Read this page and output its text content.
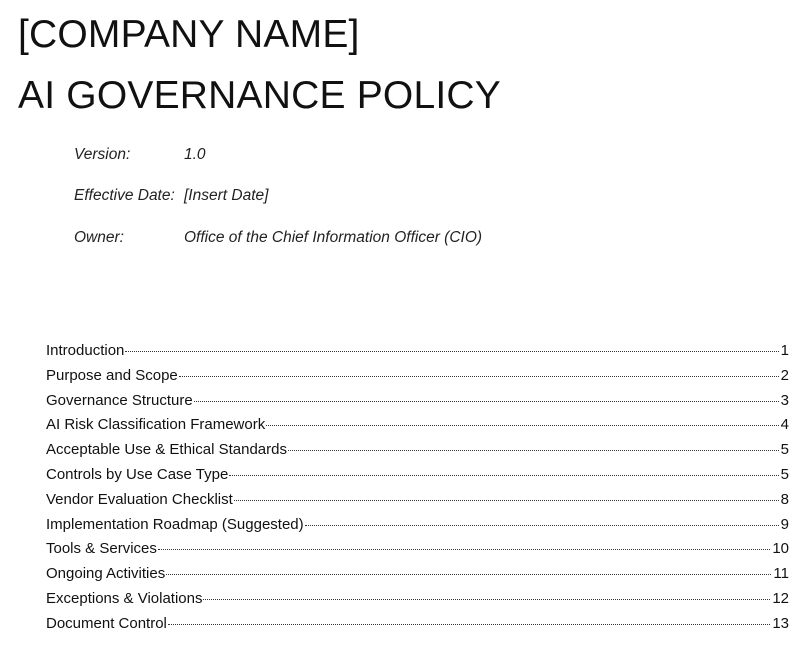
[COMPANY NAME]
AI GOVERNANCE POLICY
Version:	1.0
Effective Date: [Insert Date]
Owner:	Office of the Chief Information Officer (CIO)
Introduction	1
Purpose and Scope	2
Governance Structure	3
AI Risk Classification Framework	4
Acceptable Use & Ethical Standards	5
Controls by Use Case Type	5
Vendor Evaluation Checklist	8
Implementation Roadmap (Suggested)	9
Tools & Services	10
Ongoing Activities	11
Exceptions & Violations	12
Document Control	13
